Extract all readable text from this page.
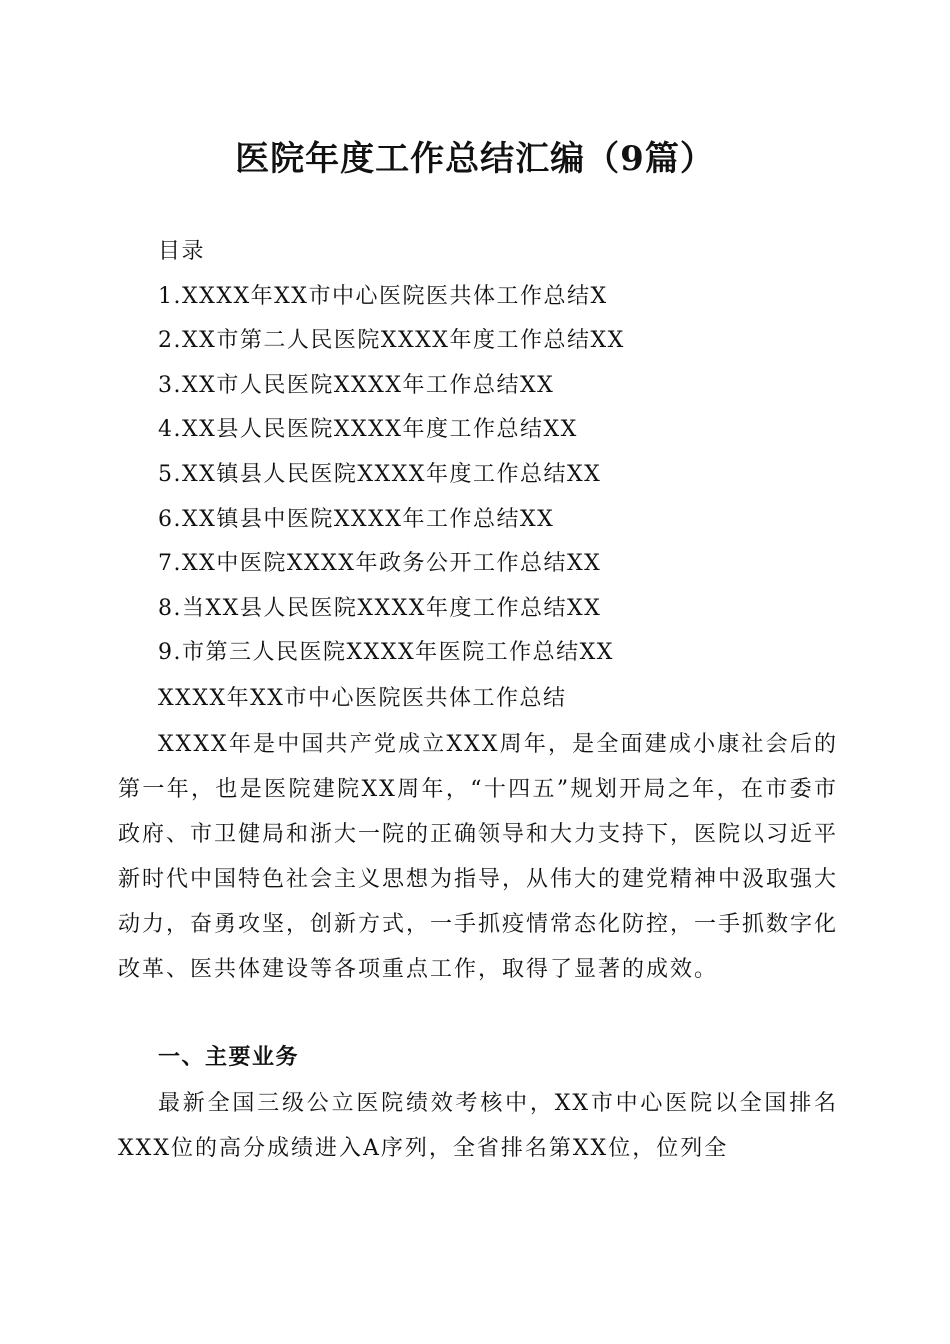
医院年度工作总结汇编（9篇）
目录
1.XXXX年XX市中心医院医共体工作总结X
2.XX市第二人民医院XXXX年度工作总结XX
3.XX市人民医院XXXX年工作总结XX
4.XX县人民医院XXXX年度工作总结XX
5.XX镇县人民医院XXXX年度工作总结XX
6.XX镇县中医院XXXX年工作总结XX
7.XX中医院XXXX年政务公开工作总结XX
8.当XX县人民医院XXXX年度工作总结XX
9.市第三人民医院XXXX年医院工作总结XX
XXXX年XX市中心医院医共体工作总结

XXXX年是中国共产党成立XXX周年，是全面建成小康社会后的第一年，也是医院建院XX周年，“十四五”规划开局之年，在市委市政府、市卫健局和浙大一院的正确领导和大力支持下，医院以习近平新时代中国特色社会主义思想为指导，从伟大的建党精神中汲取强大动力，奋勇攻坚，创新方式，一手抓疫情常态化防控，一手抓数字化改革、医共体建设等各项重点工作，取得了显著的成效。

一、主要业务

最新全国三级公立医院绩效考核中，XX市中心医院以全国排名XXX位的高分成绩进入A序列，全省排名第XX位，位列全
